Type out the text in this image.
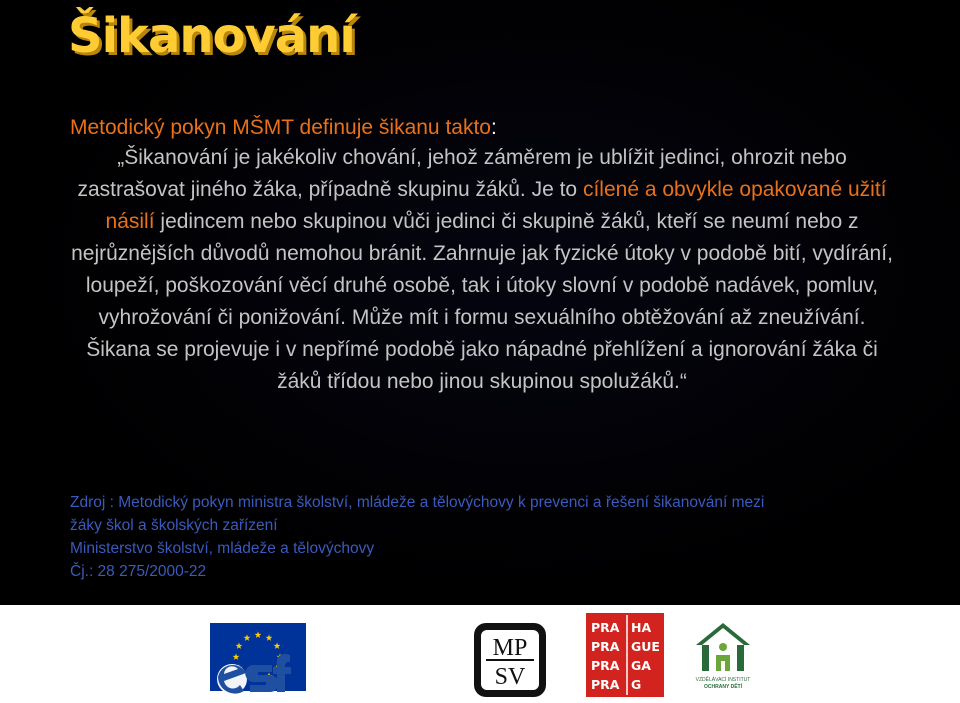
Šikanování
Metodický pokyn MŠMT definuje šikanu takto:
„Šikanování je jakékoliv chování, jehož záměrem je ublížit jedinci, ohrozit nebo zastrašovat jiného žáka, případně skupinu žáků. Je to cílené a obvykle opakované užití násilí jedincem nebo skupinou vůči jedinci či skupině žáků, kteří se neumí nebo z nejrůznějších důvodů nemohou bránit. Zahrnuje jak fyzické útoky v podobě bití, vydírání, loupeží, poškozování věcí druhé osobě, tak i útoky slovní v podobě nadávek, pomluv, vyhrožování či ponižování. Může mít i formu sexuálního obtěžování až zneužívání. Šikana se projevuje i v nepřímé podobě jako nápadné přehlížení a ignorování žáka či žáků třídou nebo jinou skupinou spolužáků.“
Zdroj : Metodický pokyn ministra školství, mládeže a tělovýchovy k prevenci a řešení šikanování mezi
žáky škol a školských zařízení
Ministerstvo školství, mládeže a tělovýchovy
Čj.: 28 275/2000-22
esf
MP
SV
PRA HA
PRA GUE
PRA GA
PRA G	VZDĚLÁVACÍ INSTITUT
OCHRANY DĚTÍ
